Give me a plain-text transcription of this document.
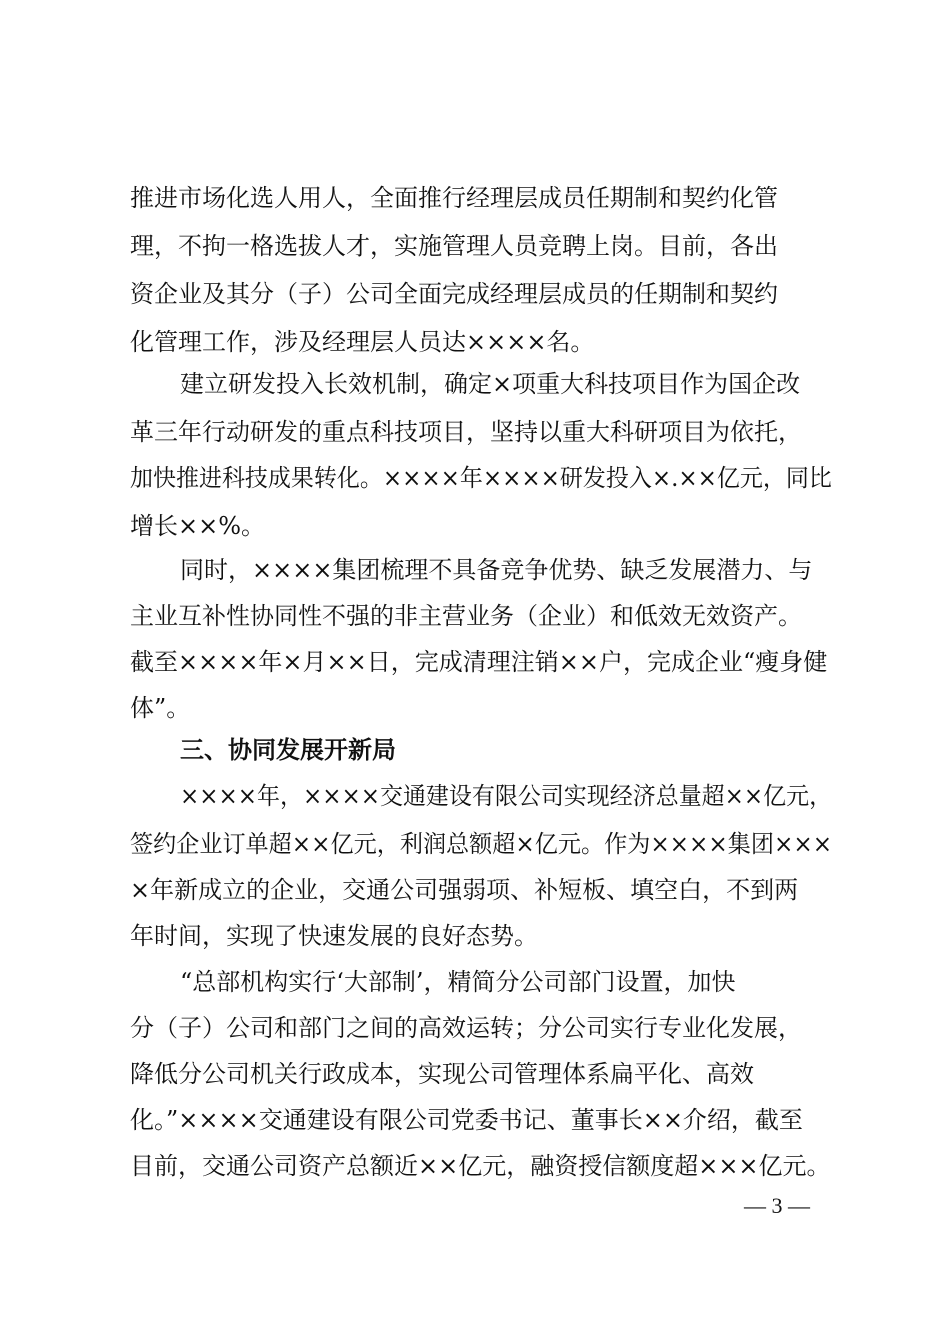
推进市场化选人用人，全面推行经理层成员任期制和契约化管
理，不拘一格选拔人才，实施管理人员竞聘上岗。目前，各出
资企业及其分（子）公司全面完成经理层成员的任期制和契约
化管理工作，涉及经理层人员达××××名。
建立研发投入长效机制，确定×项重大科技项目作为国企改
革三年行动研发的重点科技项目，坚持以重大科研项目为依托，
加快推进科技成果转化。××××年××××研发投入×.××亿元，同比
增长××%。
同时，××××集团梳理不具备竞争优势、缺乏发展潜力、与
主业互补性协同性不强的非主营业务（企业）和低效无效资产。
截至××××年×月××日，完成清理注销××户，完成企业“瘦身健
体”。
三、协同发展开新局
××××年，××××交通建设有限公司实现经济总量超××亿元，
签约企业订单超××亿元，利润总额超×亿元。作为××××集团×××
×年新成立的企业，交通公司强弱项、补短板、填空白，不到两
年时间，实现了快速发展的良好态势。
“总部机构实行‘大部制’，精简分公司部门设置，加快
分（子）公司和部门之间的高效运转；分公司实行专业化发展，
降低分公司机关行政成本，实现公司管理体系扁平化、高效
化。”××××交通建设有限公司党委书记、董事长××介绍，截至
目前，交通公司资产总额近××亿元，融资授信额度超×××亿元。
— 3 —
